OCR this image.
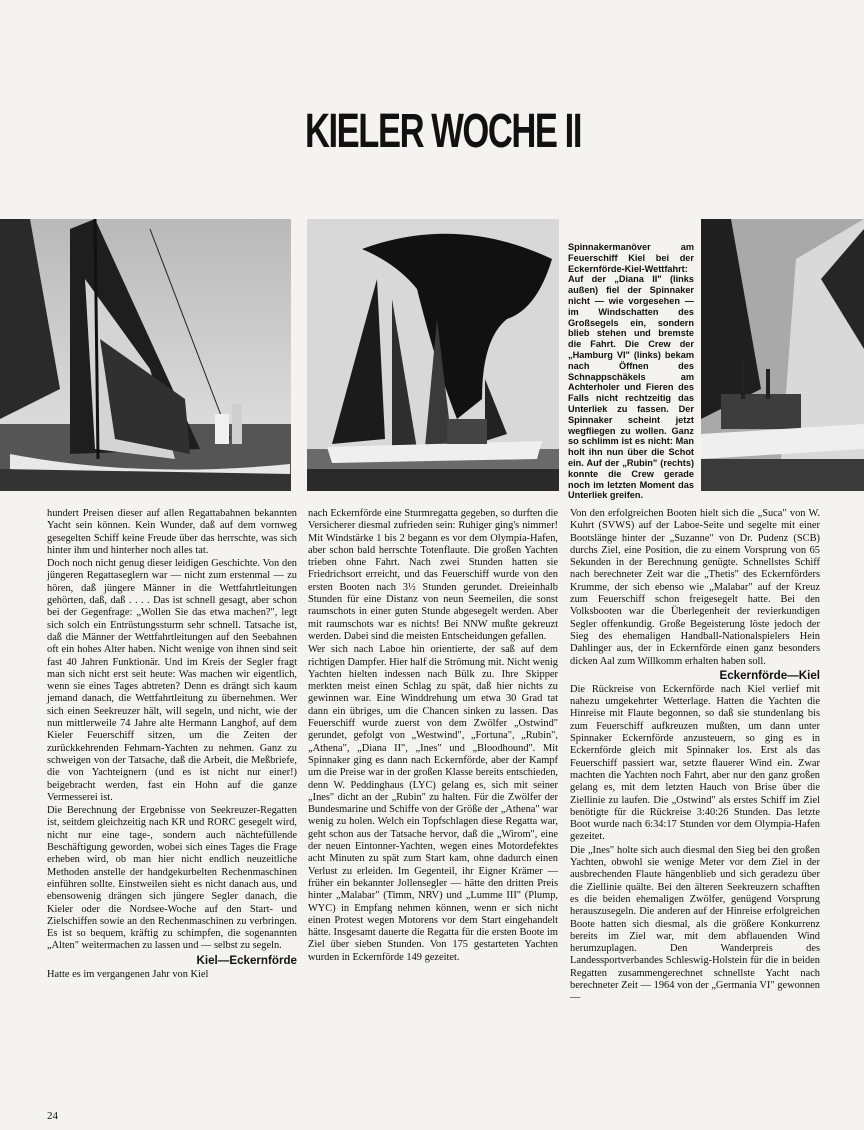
KIELER WOCHE II

Spinnakermanöver am Feuerschiff Kiel bei der Eckernförde-Kiel-Wettfahrt: Auf der „Diana II" (links außen) fiel der Spinnaker nicht — wie vorgesehen — im Windschatten des Großsegels ein, sondern blieb stehen und bremste die Fahrt. Die Crew der „Hamburg VI" (links) bekam nach Öffnen des Schnappschäkels am Achterholer und Fieren des Falls nicht rechtzeitig das Unterliek zu fassen. Der Spinnaker scheint jetzt wegfliegen zu wollen. Ganz so schlimm ist es nicht: Man holt ihn nun über die Schot ein. Auf der „Rubin" (rechts) konnte die Crew gerade noch im letzten Moment das Unterliek greifen.

hundert Preisen dieser auf allen Regattabahnen bekannten Yacht sein können. Kein Wunder, daß auf dem vornweg gesegelten Schiff keine Freude über das herrschte, was sich hinter ihm und hinterher noch alles tat.

Doch noch nicht genug dieser leidigen Geschichte. Von den jüngeren Regattaseglern war — nicht zum erstenmal — zu hören, daß jüngere Männer in die Wettfahrtleitungen gehörten, daß, daß . . . . Das ist schnell gesagt, aber schon bei der Gegenfrage: „Wollen Sie das etwa machen?", legt sich solch ein Entrüstungssturm sehr schnell. Tatsache ist, daß die Männer der Wettfahrtleitungen auf den Seebahnen oft ein hohes Alter haben. Nicht wenige von ihnen sind seit fast 40 Jahren Funktionär. Und im Kreis der Segler fragt man sich nicht erst seit heute: Was machen wir eigentlich, wenn sie eines Tages abtreten? Denn es drängt sich kaum jemand danach, die Wettfahrtleitung zu übernehmen. Wer sich einen Seekreuzer hält, will segeln, und nicht, wie der nun mittlerweile 74 Jahre alte Hermann Langhof, auf dem Kieler Feuerschiff sitzen, um die Zeiten der zurückkehrenden Fehmarn-Yachten zu nehmen. Ganz zu schweigen von der Tatsache, daß die Arbeit, die Meßbriefe, die von Yachteignern (und es ist nicht nur einer!) beigebracht werden, fast ein Hohn auf die ganze Vermesserei ist.

Die Berechnung der Ergebnisse von Seekreuzer-Regatten ist, seitdem gleichzeitig nach KR und RORC gesegelt wird, nicht nur eine tage-, sondern auch nächtefüllende Beschäftigung geworden, wobei sich eines Tages die Frage erheben wird, ob man hier nicht endlich neuzeitliche Methoden anstelle der handgekurbelten Rechenmaschinen einführen sollte. Einstweilen sieht es nicht danach aus, und ebensowenig drängen sich jüngere Segler danach, die Kieler oder die Nordsee-Woche auf den Start- und Zielschiffen sowie an den Rechenmaschinen zu verbringen. Es ist so bequem, kräftig zu schimpfen, die sogenannten „Alten" weitermachen zu lassen und — selbst zu segeln.

Kiel—Eckernförde

Hatte es im vergangenen Jahr von Kiel

nach Eckernförde eine Sturmregatta gegeben, so durften die Versicherer diesmal zufrieden sein: Ruhiger ging's nimmer! Mit Windstärke 1 bis 2 begann es vor dem Olympia-Hafen, aber schon bald herrschte Totenflaute. Die großen Yachten trieben ohne Fahrt. Nach zwei Stunden hatten sie Friedrichsort erreicht, und das Feuerschiff wurde von den ersten Booten nach 3½ Stunden gerundet. Dreieinhalb Stunden für eine Distanz von neun Seemeilen, die sonst raumschots in einer guten Stunde abgesegelt werden. Aber mit raumschots war es nichts! Bei NNW mußte gekreuzt werden. Dabei sind die meisten Entscheidungen gefallen.

Wer sich nach Laboe hin orientierte, der saß auf dem richtigen Dampfer. Hier half die Strömung mit. Nicht wenig Yachten hielten indessen nach Bülk zu. Ihre Skipper merkten meist einen Schlag zu spät, daß hier nichts zu gewinnen war. Eine Winddrehung um etwa 30 Grad tat dann ein übriges, um die Chancen sinken zu lassen. Das Feuerschiff wurde zuerst von dem Zwölfer „Ostwind" gerundet, gefolgt von „Westwind", „Fortuna", „Rubin", „Athena", „Diana II", „Ines" und „Bloodhound". Mit Spinnaker ging es dann nach Eckernförde, aber der Kampf um die Preise war in der großen Klasse bereits entschieden, denn W. Peddinghaus (LYC) gelang es, sich mit seiner „Ines" dicht an der „Rubin" zu halten. Für die Zwölfer der Bundesmarine und Schiffe von der Größe der „Athena" war wenig zu holen. Welch ein Topfschlagen diese Regatta war, geht schon aus der Tatsache hervor, daß die „Wirom", eine der neuen Eintonner-Yachten, wegen eines Motordefektes acht Minuten zu spät zum Start kam, ohne dadurch einen Verlust zu erleiden. Im Gegenteil, ihr Eigner Krämer — früher ein bekannter Jollensegler — hätte den dritten Preis hinter „Malabar" (Timm, NRV) und „Lumme III" (Plump, WYC) in Empfang nehmen können, wenn er sich nicht einen Protest wegen Motorens vor dem Start eingehandelt hätte. Insgesamt dauerte die Regatta für die ersten Boote im Ziel über sieben Stunden. Von 175 gestarteten Yachten wurden in Eckernförde 149 gezeitet.

Von den erfolgreichen Booten hielt sich die „Suca" von W. Kuhrt (SVWS) auf der Laboe-Seite und segelte mit einer Bootslänge hinter der „Suzanne" von Dr. Pudenz (SCB) durchs Ziel, eine Position, die zu einem Vorsprung von 65 Sekunden in der Berechnung genügte. Schnellstes Schiff nach berechneter Zeit war die „Thetis" des Eckernförders Krumme, der sich ebenso wie „Malabar" auf der Kreuz zum Feuerschiff schon freigesegelt hatte. Bei den Volksbooten war die Überlegenheit der revierkundigen Segler offenkundig. Große Begeisterung löste jedoch der Sieg des ehemaligen Handball-Nationalspielers Hein Dahlinger aus, der in Eckernförde einen ganz besonders dicken Aal zum Willkomm erhalten haben soll.

Eckernförde—Kiel

Die Rückreise von Eckernförde nach Kiel verlief mit nahezu umgekehrter Wetterlage. Hatten die Yachten die Hinreise mit Flaute begonnen, so daß sie stundenlang bis zum Feuerschiff aufkreuzen mußten, um dann unter Spinnaker Eckernförde anzusteuern, so ging es in Eckernförde gleich mit Spinnaker los. Erst als das Feuerschiff passiert war, setzte flauerer Wind ein. Zwar machten die Yachten noch Fahrt, aber nur den ganz großen gelang es, mit dem letzten Hauch von Brise über die Ziellinie zu laufen. Die „Ostwind" als erstes Schiff im Ziel benötigte für die Rückreise 3:40:26 Stunden. Das letzte Boot wurde nach 6:34:17 Stunden vor dem Olympia-Hafen gezeitet.

Die „Ines" holte sich auch diesmal den Sieg bei den großen Yachten, obwohl sie wenige Meter vor dem Ziel in der ausbrechenden Flaute hängenblieb und sich geradezu über die Ziellinie quälte. Bei den älteren Seekreuzern schafften es die beiden ehemaligen Zwölfer, genügend Vorsprung herauszusegeln. Die anderen auf der Hinreise erfolgreichen Boote hatten sich diesmal, als die größere Konkurrenz bereits im Ziel war, mit dem abflauenden Wind herumzuplagen. Den Wanderpreis des Landessportverbandes Schleswig-Holstein für die in beiden Regatten zusammengerechnet schnellste Yacht nach berechneter Zeit — 1964 von der „Germania VI" gewonnen —

24
